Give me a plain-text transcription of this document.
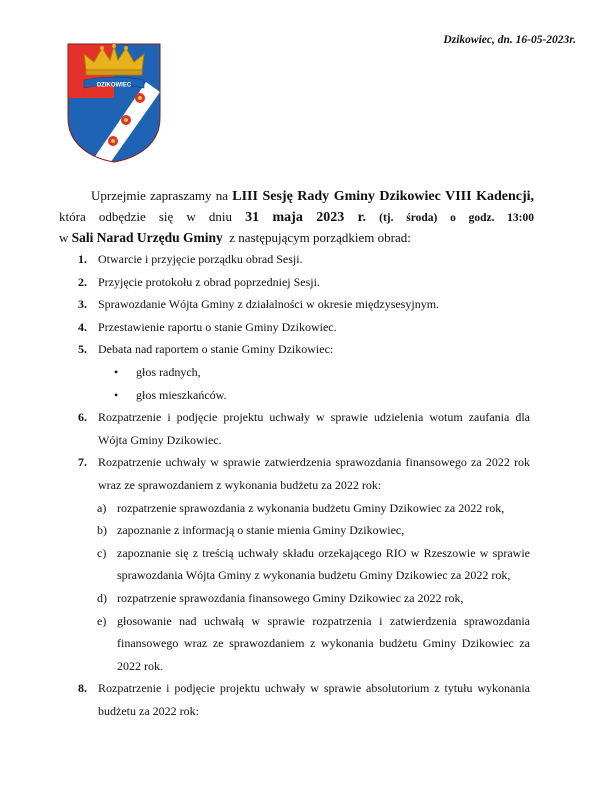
Dzikowiec, dn. 16-05-2023r.
DZIKOWIEC

Uprzejmie zapraszamy na LIII Sesję Rady Gminy Dzikowiec VIII Kadencji,

która odbędzie się w dniu 31 maja 2023 r. (tj. środa) o godz. 13:00

w Sali Narad Urzędu Gminy z następującym porządkiem obrad:

1. Otwarcie i przyjęcie porządku obrad Sesji.
2. Przyjęcie protokołu z obrad poprzedniej Sesji.
3. Sprawozdanie Wójta Gminy z działalności w okresie międzysesyjnym.
4. Przestawienie raportu o stanie Gminy Dzikowiec.
5. Debata nad raportem o stanie Gminy Dzikowiec:
• głos radnych,
• głos mieszkańców.
6. Rozpatrzenie i podjęcie projektu uchwały w sprawie udzielenia wotum zaufania dla Wójta Gminy Dzikowiec.
7. Rozpatrzenie uchwały w sprawie zatwierdzenia sprawozdania finansowego za 2022 rok wraz ze sprawozdaniem z wykonania budżetu za 2022 rok:
a) rozpatrzenie sprawozdania z wykonania budżetu Gminy Dzikowiec za 2022 rok,
b) zapoznanie z informacją o stanie mienia Gminy Dzikowiec,
c) zapoznanie się z treścią uchwały składu orzekającego RIO w Rzeszowie w sprawie sprawozdania Wójta Gminy z wykonania budżetu Gminy Dzikowiec za 2022 rok,
d) rozpatrzenie sprawozdania finansowego Gminy Dzikowiec za 2022 rok,
e) głosowanie nad uchwałą w sprawie rozpatrzenia i zatwierdzenia sprawozdania finansowego wraz ze sprawozdaniem z wykonania budżetu Gminy Dzikowiec za 2022 rok.
8. Rozpatrzenie i podjęcie projektu uchwały w sprawie absolutorium z tytułu wykonania budżetu za 2022 rok:
